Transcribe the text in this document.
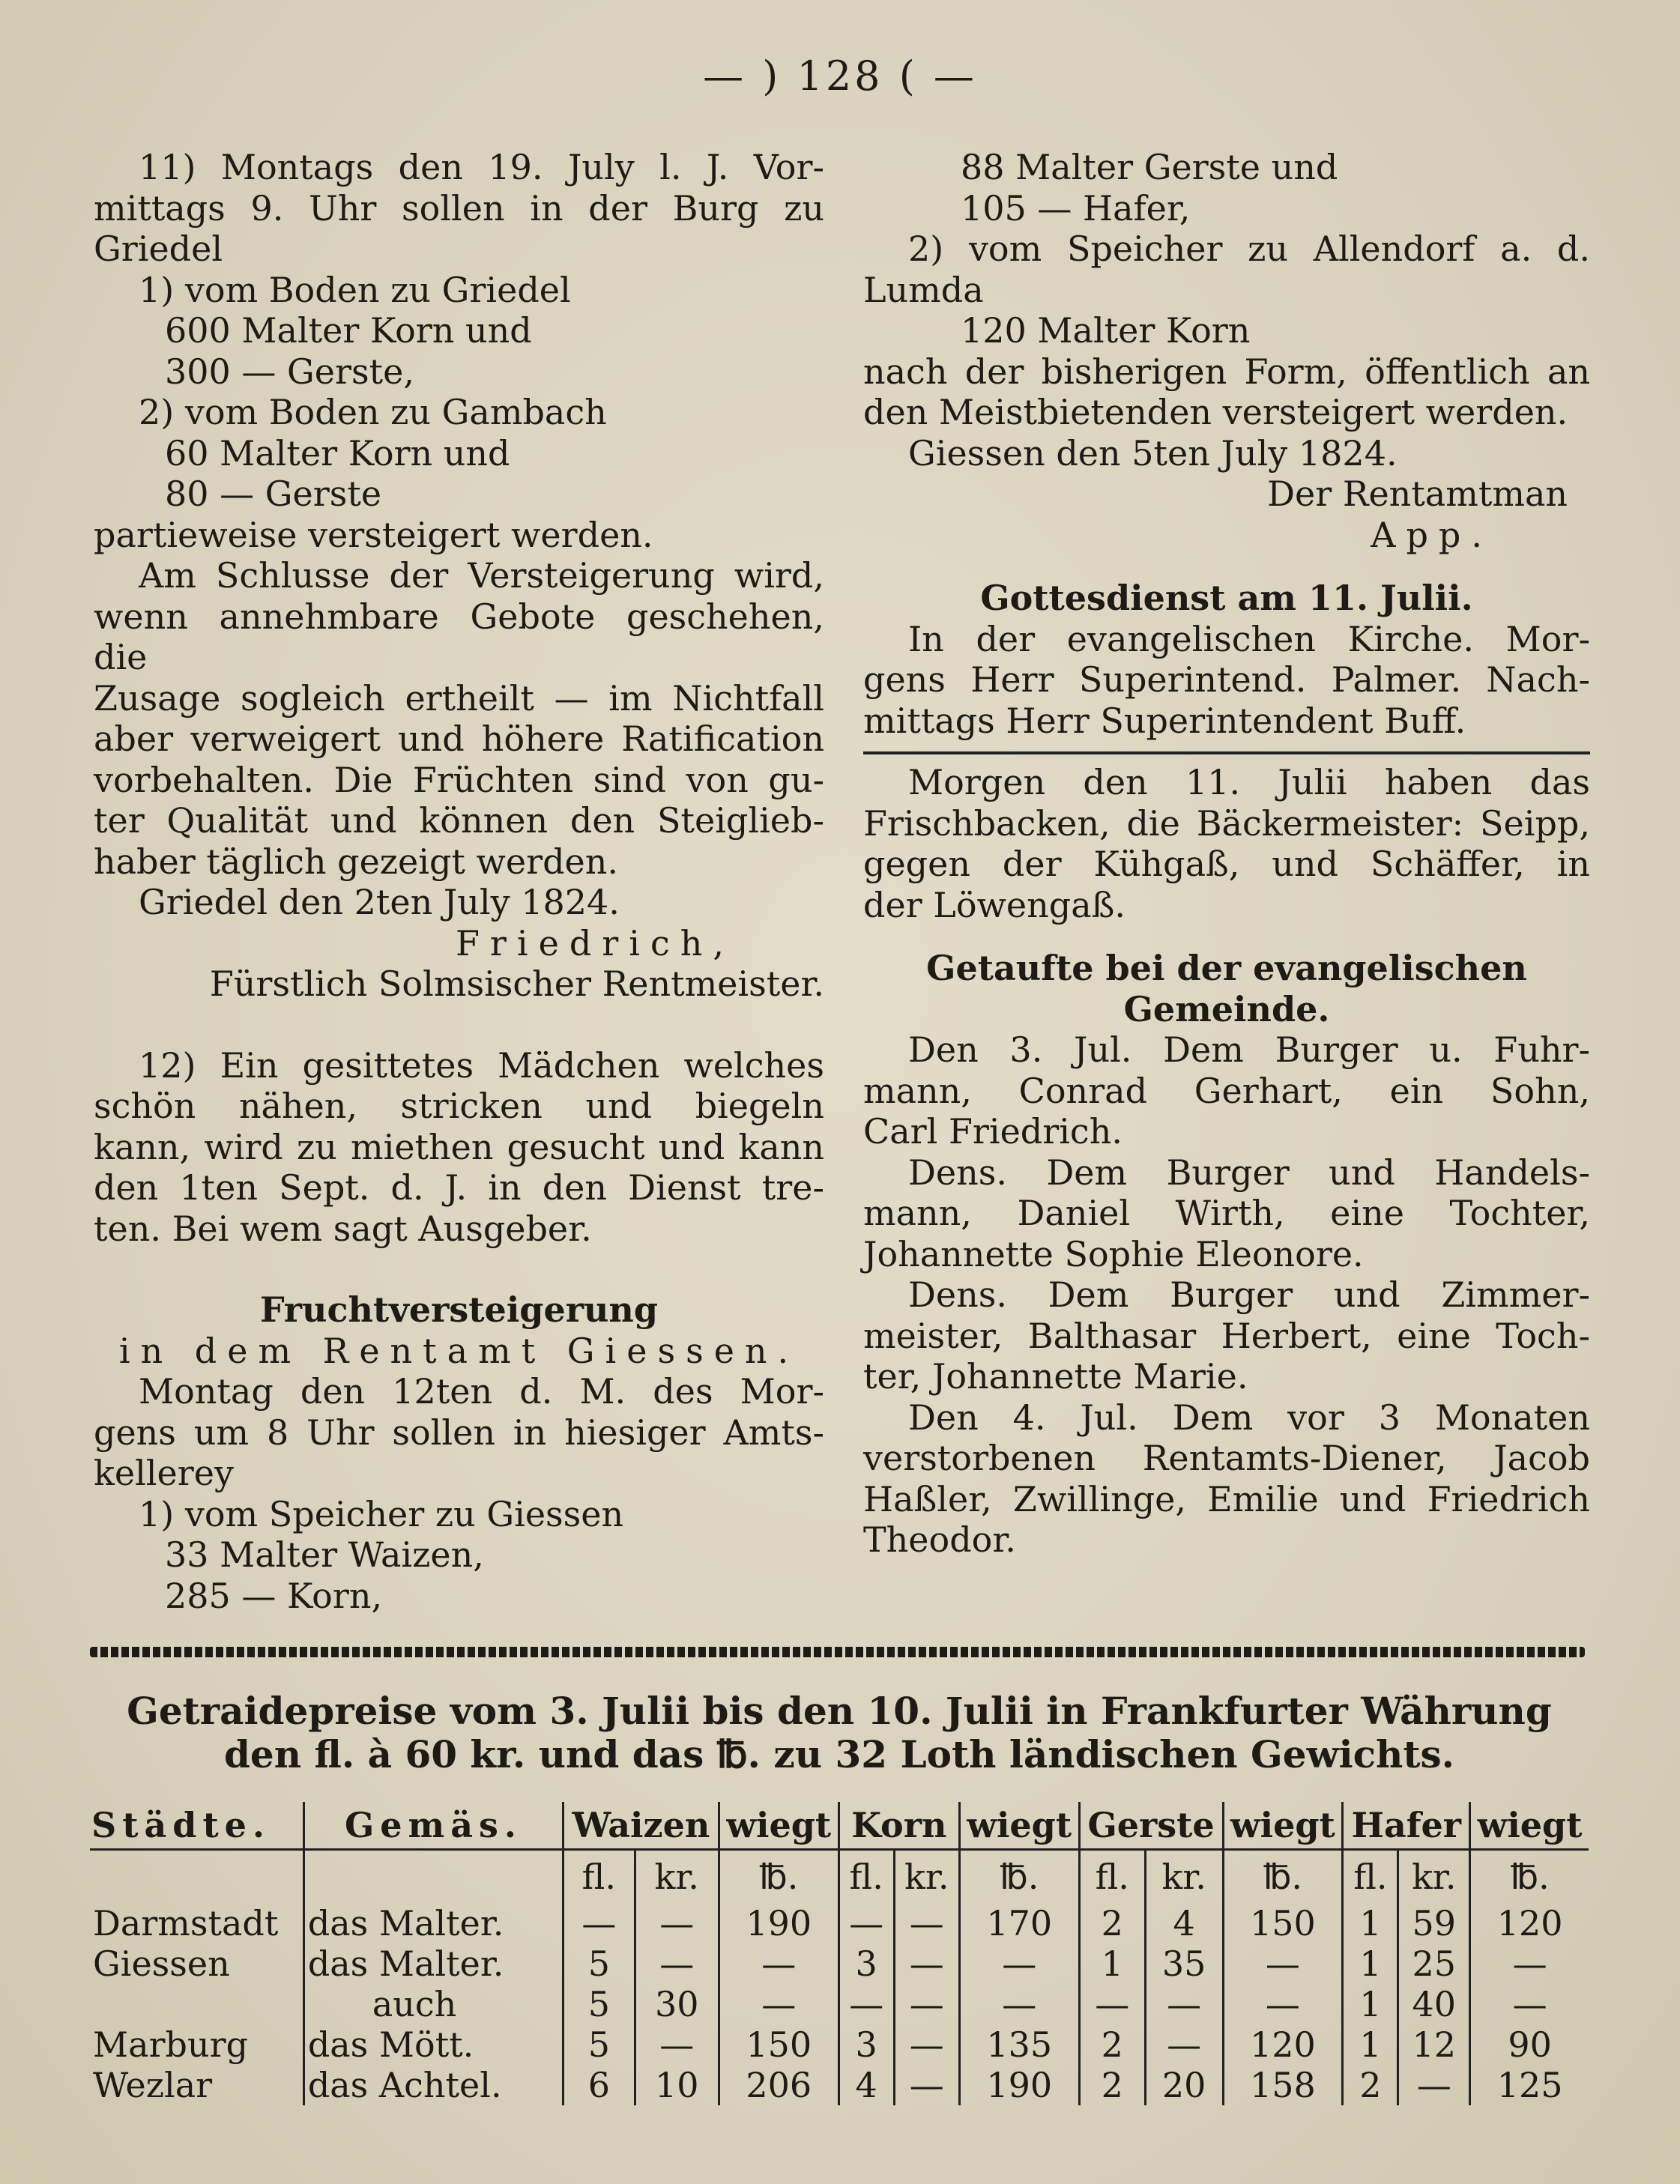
— ) 128 ( —

11) Montags den 19. July l. J. Vor-

mittags 9. Uhr sollen in der Burg zu

Griedel

1) vom Boden zu Griedel

600 Malter Korn und

300 — Gerste,

2) vom Boden zu Gambach

60 Malter Korn und

80 — Gerste

partieweise versteigert werden.

Am Schlusse der Versteigerung wird,

wenn annehmbare Gebote geschehen, die

Zusage sogleich ertheilt — im Nichtfall

aber verweigert und höhere Ratification

vorbehalten. Die Früchten sind von gu-

ter Qualität und können den Steiglieb-

haber täglich gezeigt werden.

Griedel den 2ten July 1824.

Friedrich,

Fürstlich Solmsischer Rentmeister.

12) Ein gesittetes Mädchen welches

schön nähen, stricken und biegeln

kann, wird zu miethen gesucht und kann

den 1ten Sept. d. J. in den Dienst tre-

ten. Bei wem sagt Ausgeber.

Fruchtversteigerung

in dem Rentamt Giessen.

Montag den 12ten d. M. des Mor-

gens um 8 Uhr sollen in hiesiger Amts-

kellerey

1) vom Speicher zu Giessen

33 Malter Waizen,

285 — Korn,

88 Malter Gerste und

105 — Hafer,

2) vom Speicher zu Allendorf a. d.

Lumda

120 Malter Korn

nach der bisherigen Form, öffentlich an

den Meistbietenden versteigert werden.

Giessen den 5ten July 1824.

Der Rentamtman

App.

Gottesdienst am 11. Julii.

In der evangelischen Kirche. Mor-

gens Herr Superintend. Palmer. Nach-

mittags Herr Superintendent Buff.

Morgen den 11. Julii haben das

Frischbacken, die Bäckermeister: Seipp,

gegen der Kühgaß, und Schäffer, in

der Löwengaß.

Getaufte bei der evangelischen

Gemeinde.

Den 3. Jul. Dem Burger u. Fuhr-

mann, Conrad Gerhart, ein Sohn,

Carl Friedrich.

Dens. Dem Burger und Handels-

mann, Daniel Wirth, eine Tochter,

Johannette Sophie Eleonore.

Dens. Dem Burger und Zimmer-

meister, Balthasar Herbert, eine Toch-

ter, Johannette Marie.

Den 4. Jul. Dem vor 3 Monaten

verstorbenen Rentamts-Diener, Jacob

Haßler, Zwillinge, Emilie und Friedrich

Theodor.

Getraidepreise vom 3. Julii bis den 10. Julii in Frankfurter Währung
den fl. à 60 kr. und das ℔. zu 32 Loth ländischen Gewichts.
Städte.	Gemäs.	Waizen		wiegt	Korn		wiegt	Gerste		wiegt	Hafer		wiegt
		fl.	kr.	℔.	fl.	kr.	℔.	fl.	kr.	℔.	fl.	kr.	℔.
Darmstadt	das Malter.	—	—	190	—	—	170	2	4	150	1	59	120
Giessen	das Malter.	5	—	—	3	—	—	1	35	—	1	25	—
	auch	5	30	—	—	—	—	—	—	—	1	40	—
Marburg	das Mött.	5	—	150	3	—	135	2	—	120	1	12	90
Wezlar	das Achtel.	6	10	206	4	—	190	2	20	158	2	—	125
